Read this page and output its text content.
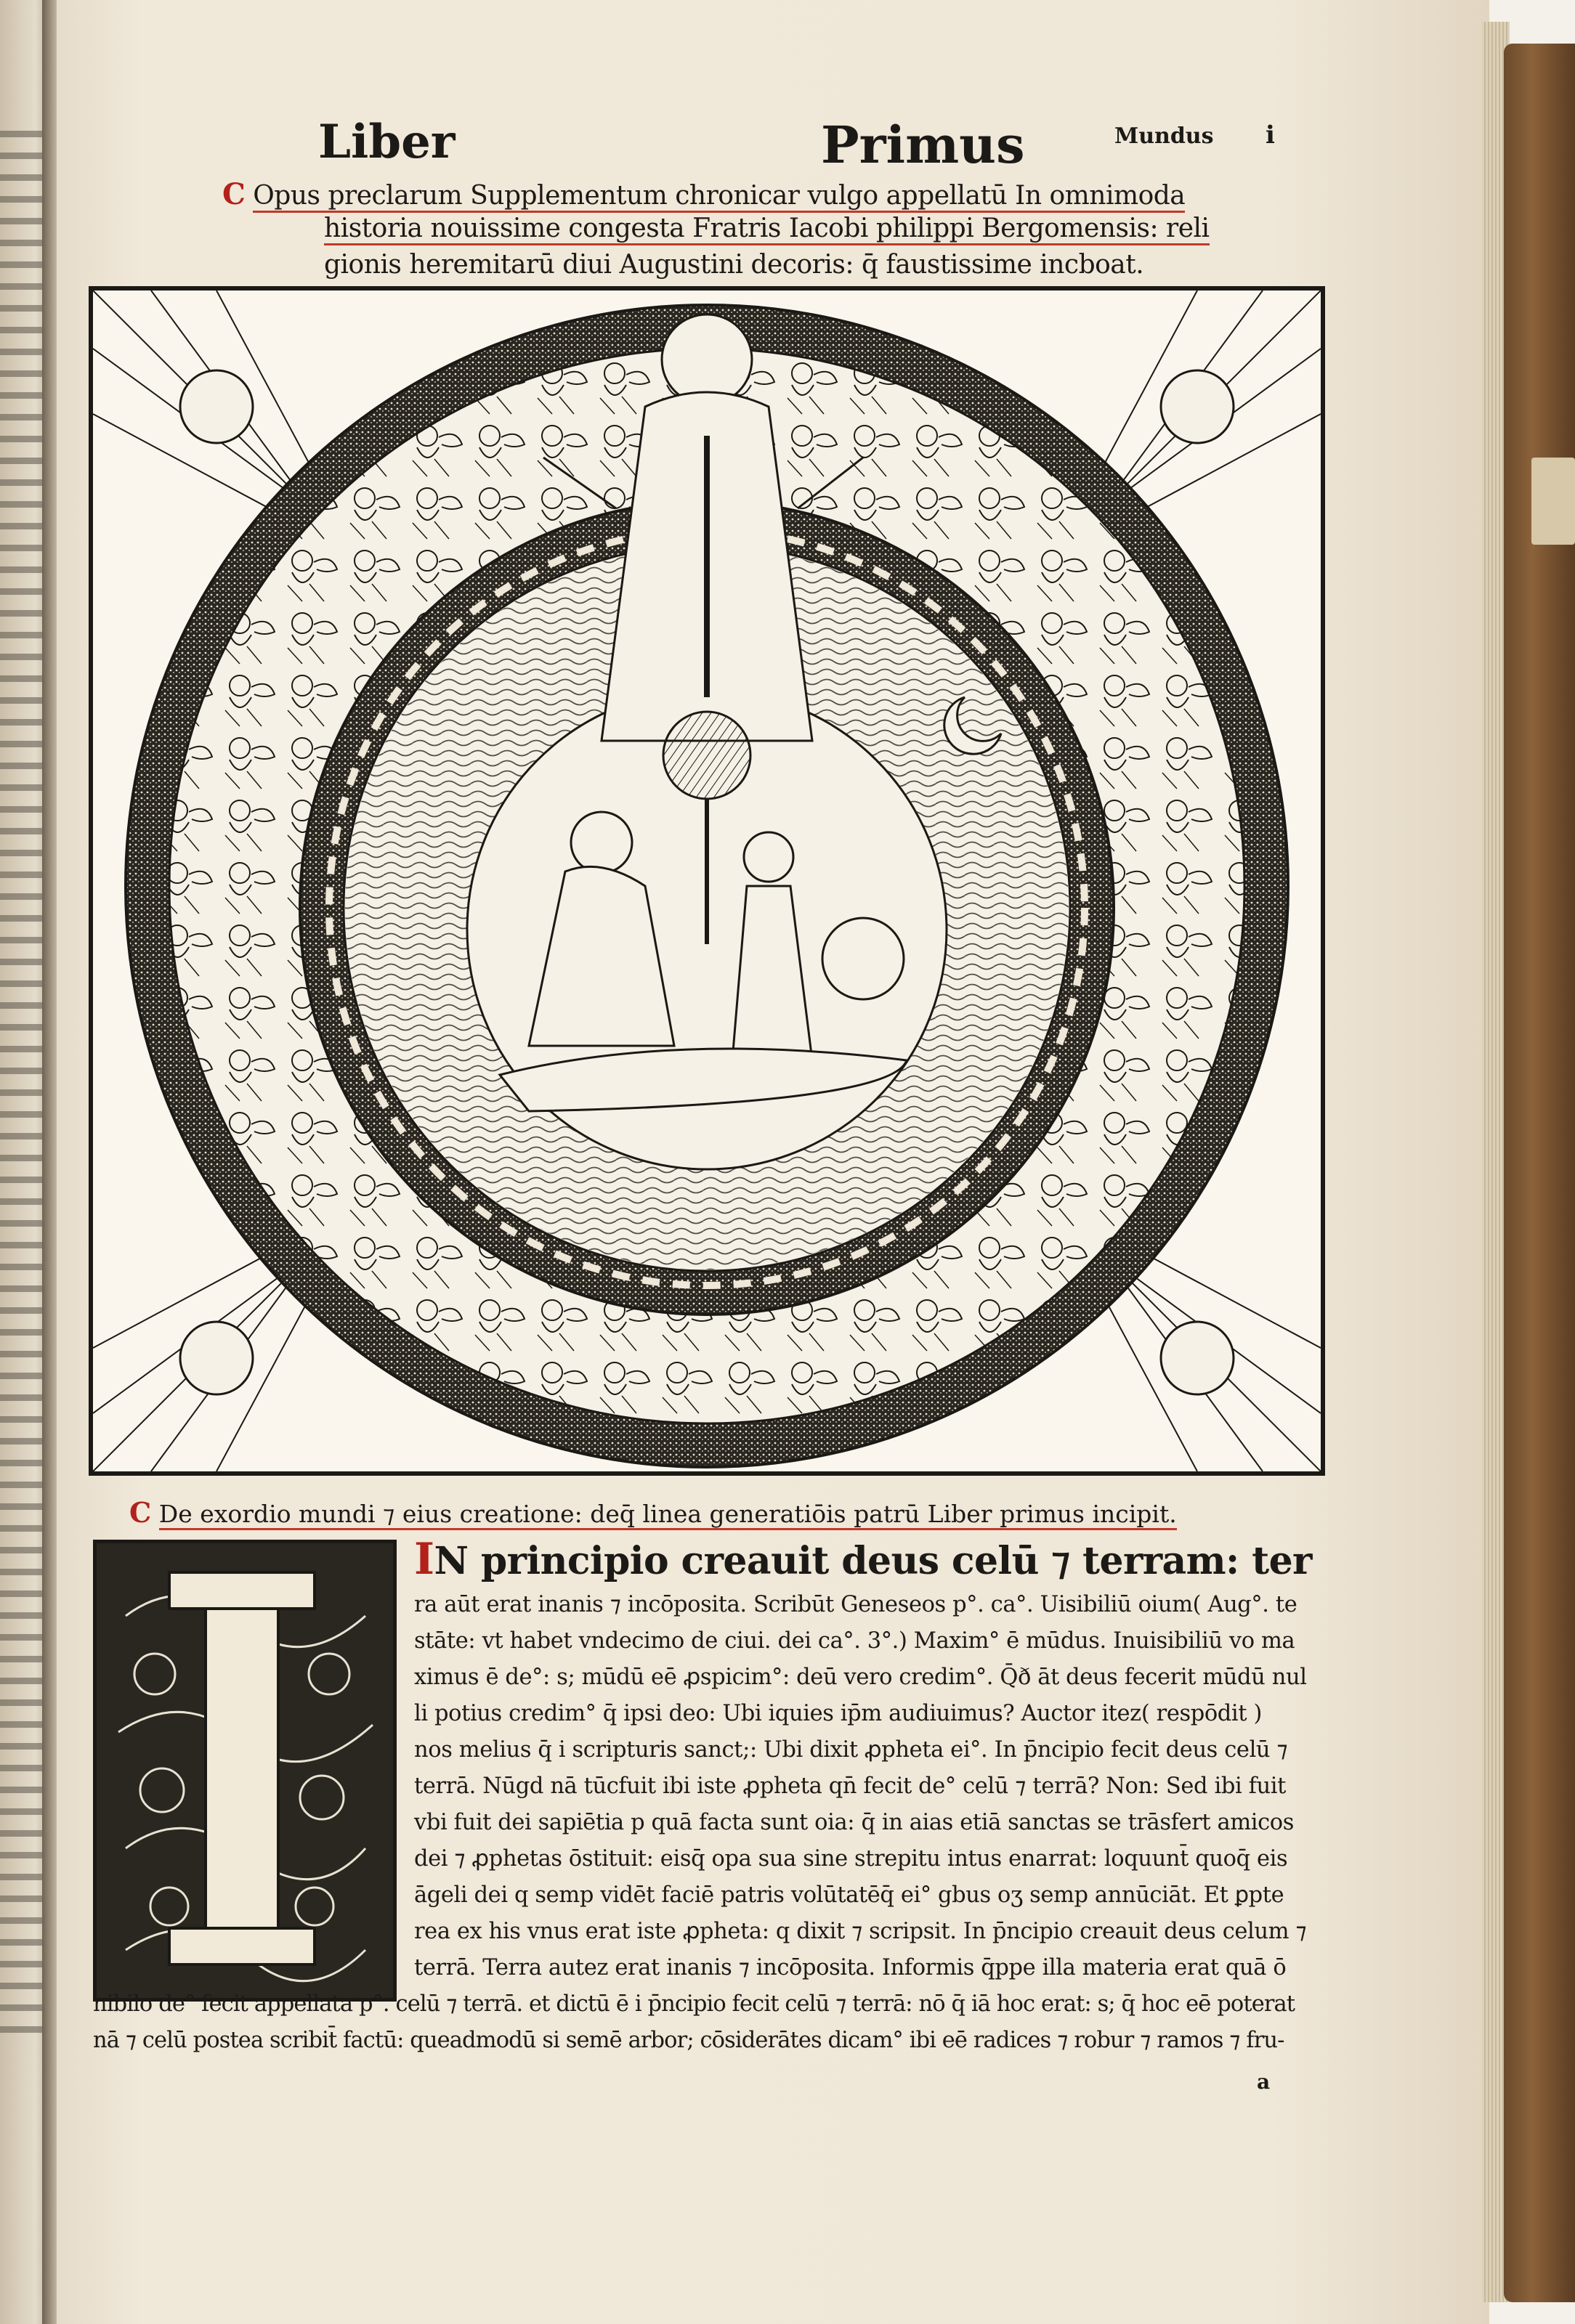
Liber	Primus	Mundus i
C Opus preclarum Supplementum chronicar vulgo appellatū In omnimoda
historia nouissime congesta Fratris Iacobi philippi Bergomensis: reli
gionis heremitarū diui Augustini decoris: q̄ faustissime incboat.
C De exordio mundi ⁊ eius creatione: deq̄ linea generatiōis patrū Liber primus incipit.
IN principio creauit deus celū ⁊ terram: ter
ra aūt erat inanis ⁊ incōposita. Scribūt Geneseos p°. ca°. Uisibiliū oium( Aug°. te
stāte: vt habet vndecimo de ciui. dei ca°. 3°.) Maxim° ē mūdus. Inuisibiliū vo ma
ximus ē de°: s; mūdū eē ꝓspicim°: deū vero credim°. Q̄ð āt deus fecerit mūdū nul
li potius credim° q̄ ipsi deo: Ubi iquies ip̄m audiuimus? Auctor itez( respōdit )
nos melius q̄ i scripturis sanct;: Ubi dixit ꝓpheta ei°. In p̄ncipio fecit deus celū ⁊
terrā. Nūgd nā tūcfuit ibi iste ꝓpheta qn̄ fecit de° celū ⁊ terrā? Non: Sed ibi fuit
vbi fuit dei sapiētia p quā facta sunt oia: q̄ in aias etiā sanctas se trāsfert amicos
dei ⁊ ꝓphetas ōstituit: eisq̄ opa sua sine strepitu intus enarrat: loquunt̄ quoq̄ eis
āgeli dei q semp vidēt faciē patris volūtatēq̄ ei° gbus oʒ semp annūciāt. Et ꝑpte
rea ex his vnus erat iste ꝓpheta: q dixit ⁊ scripsit. In p̄ncipio creauit deus celum ⁊
terrā. Terra autez erat inanis ⁊ incōposita. Informis q̄ppe illa materia erat quā ō
nibilo de° fecit appellata p°. celū ⁊ terrā. et dictū ē i p̄ncipio fecit celū ⁊ terrā: nō q̄ iā hoc erat: s; q̄ hoc eē poterat
nā ⁊ celū postea scribit̄ factū: queadmodū si semē arbor; cōsiderātes dicam° ibi eē radices ⁊ robur ⁊ ramos ⁊ fru-
a
